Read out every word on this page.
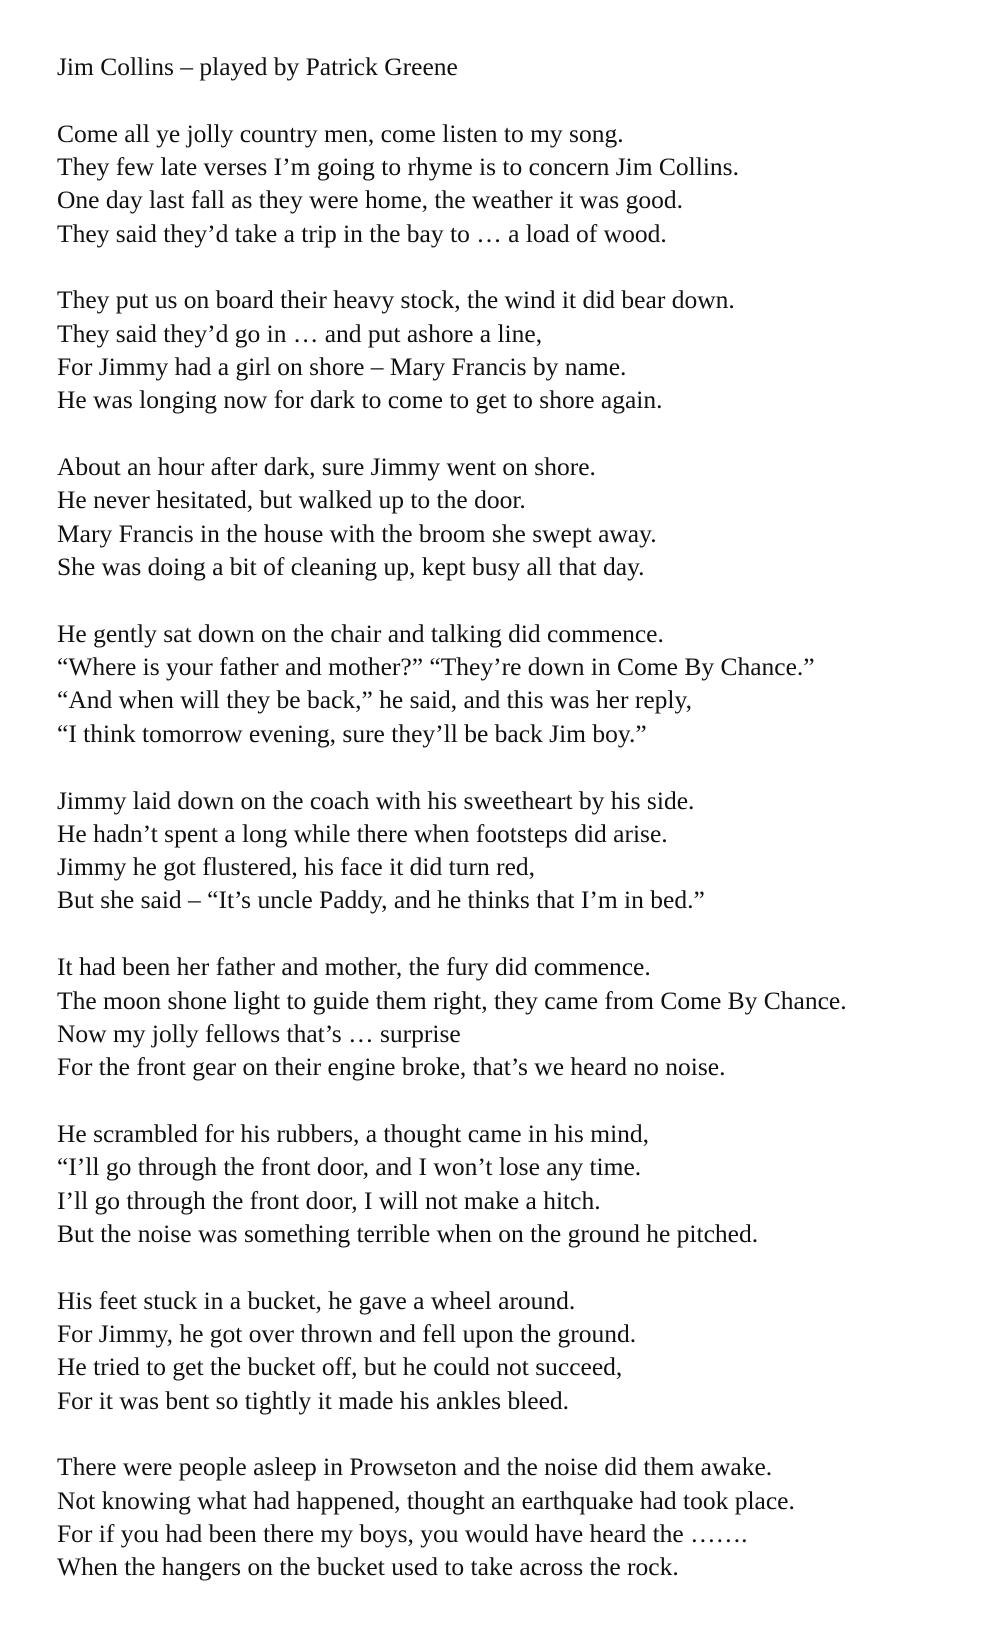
Jim Collins – played by Patrick Greene
Come all ye jolly country men, come listen to my song.
They few late verses I’m going to rhyme is to concern Jim Collins.
One day last fall as they were home, the weather it was good.
They said they’d take a trip in the bay to … a load of wood.
They put us on board their heavy stock, the wind it did bear down.
They said they’d go in … and put ashore a line,
For Jimmy had a girl on shore – Mary Francis by name.
He was longing now for dark to come to get to shore again.
About an hour after dark, sure Jimmy went on shore.
He never hesitated, but walked up to the door.
Mary Francis in the house with the broom she swept away.
She was doing a bit of cleaning up, kept busy all that day.
He gently sat down on the chair and talking did commence.
“Where is your father and mother?” “They’re down in Come By Chance.”
“And when will they be back,” he said, and this was her reply,
“I think tomorrow evening, sure they’ll be back Jim boy.”
Jimmy laid down on the coach with his sweetheart by his side.
He hadn’t spent a long while there when footsteps did arise.
Jimmy he got flustered, his face it did turn red,
But she said – “It’s uncle Paddy, and he thinks that I’m in bed.”
It had been her father and mother, the fury did commence.
The moon shone light to guide them right, they came from Come By Chance.
Now my jolly fellows that’s … surprise
For the front gear on their engine broke, that’s we heard no noise.
He scrambled for his rubbers, a thought came in his mind,
“I’ll go through the front door, and I won’t lose any time.
I’ll go through the front door, I will not make a hitch.
But the noise was something terrible when on the ground he pitched.
His feet stuck in a bucket, he gave a wheel around.
For Jimmy, he got over thrown and fell upon the ground.
He tried to get the bucket off, but he could not succeed,
For it was bent so tightly it made his ankles bleed.
There were people asleep in Prowseton and the noise did them awake.
Not knowing what had happened, thought an earthquake had took place.
For if you had been there my boys, you would have heard the …….
When the hangers on the bucket used to take across the rock.
